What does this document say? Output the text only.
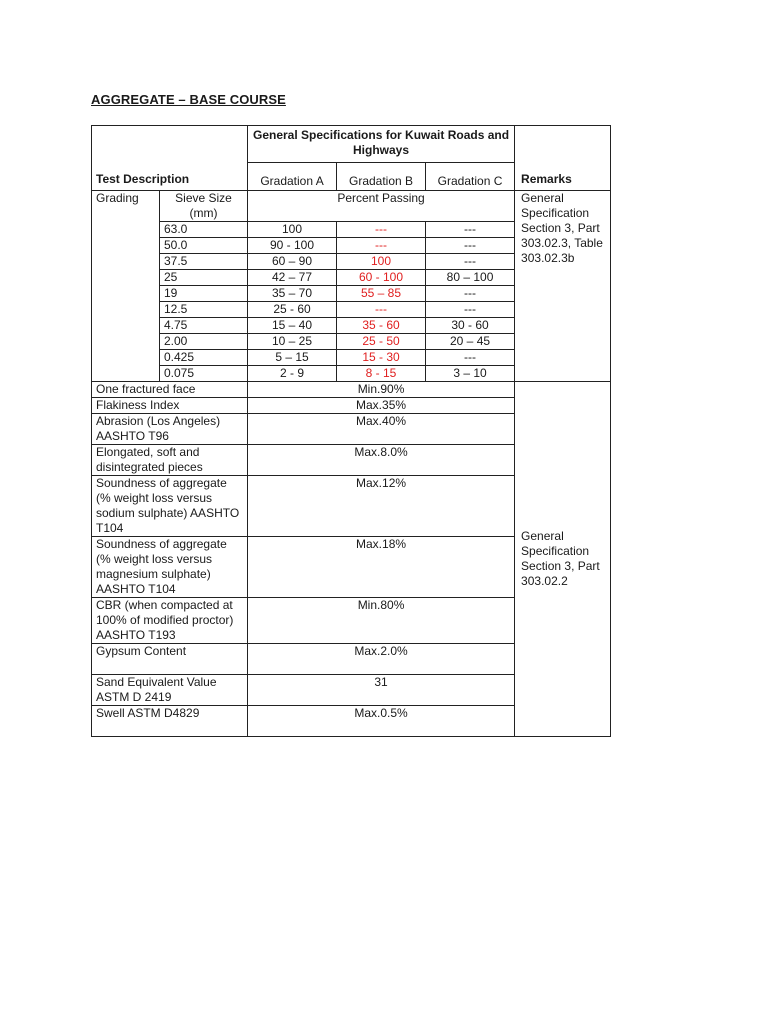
AGGREGATE – BASE COURSE
Test Description		General Specifications for Kuwait Roads and Highways			Remarks
		Gradation A	Gradation B	Gradation C	
Grading	Sieve Size (mm)	Percent Passing			General Specification Section 3, Part 303.02.3, Table 303.02.3b
	63.0	100	---	---	
	50.0	90 - 100	---	---	
	37.5	60 – 90	100	---	
	25	42 – 77	60 - 100	80 – 100	
	19	35 – 70	55 – 85	---	
	12.5	25 - 60	---	---	
	4.75	15 – 40	35 - 60	30 - 60	
	2.00	10 – 25	25 - 50	20 – 45	
	0.425	5 – 15	15 - 30	---	
	0.075	2 - 9	8 - 15	3 – 10	
One fractured face		Min.90%			General Specification Section 3, Part 303.02.2
Flakiness Index		Max.35%			
Abrasion (Los Angeles) AASHTO T96		Max.40%			
Elongated, soft and disintegrated pieces		Max.8.0%			
Soundness of aggregate (% weight loss versus sodium sulphate) AASHTO T104		Max.12%			
Soundness of aggregate (% weight loss versus magnesium sulphate) AASHTO T104		Max.18%			
CBR (when compacted at 100% of modified proctor) AASHTO T193		Min.80%			
Gypsum Content		Max.2.0%			
Sand Equivalent Value ASTM D 2419		31			
Swell ASTM D4829		Max.0.5%			
